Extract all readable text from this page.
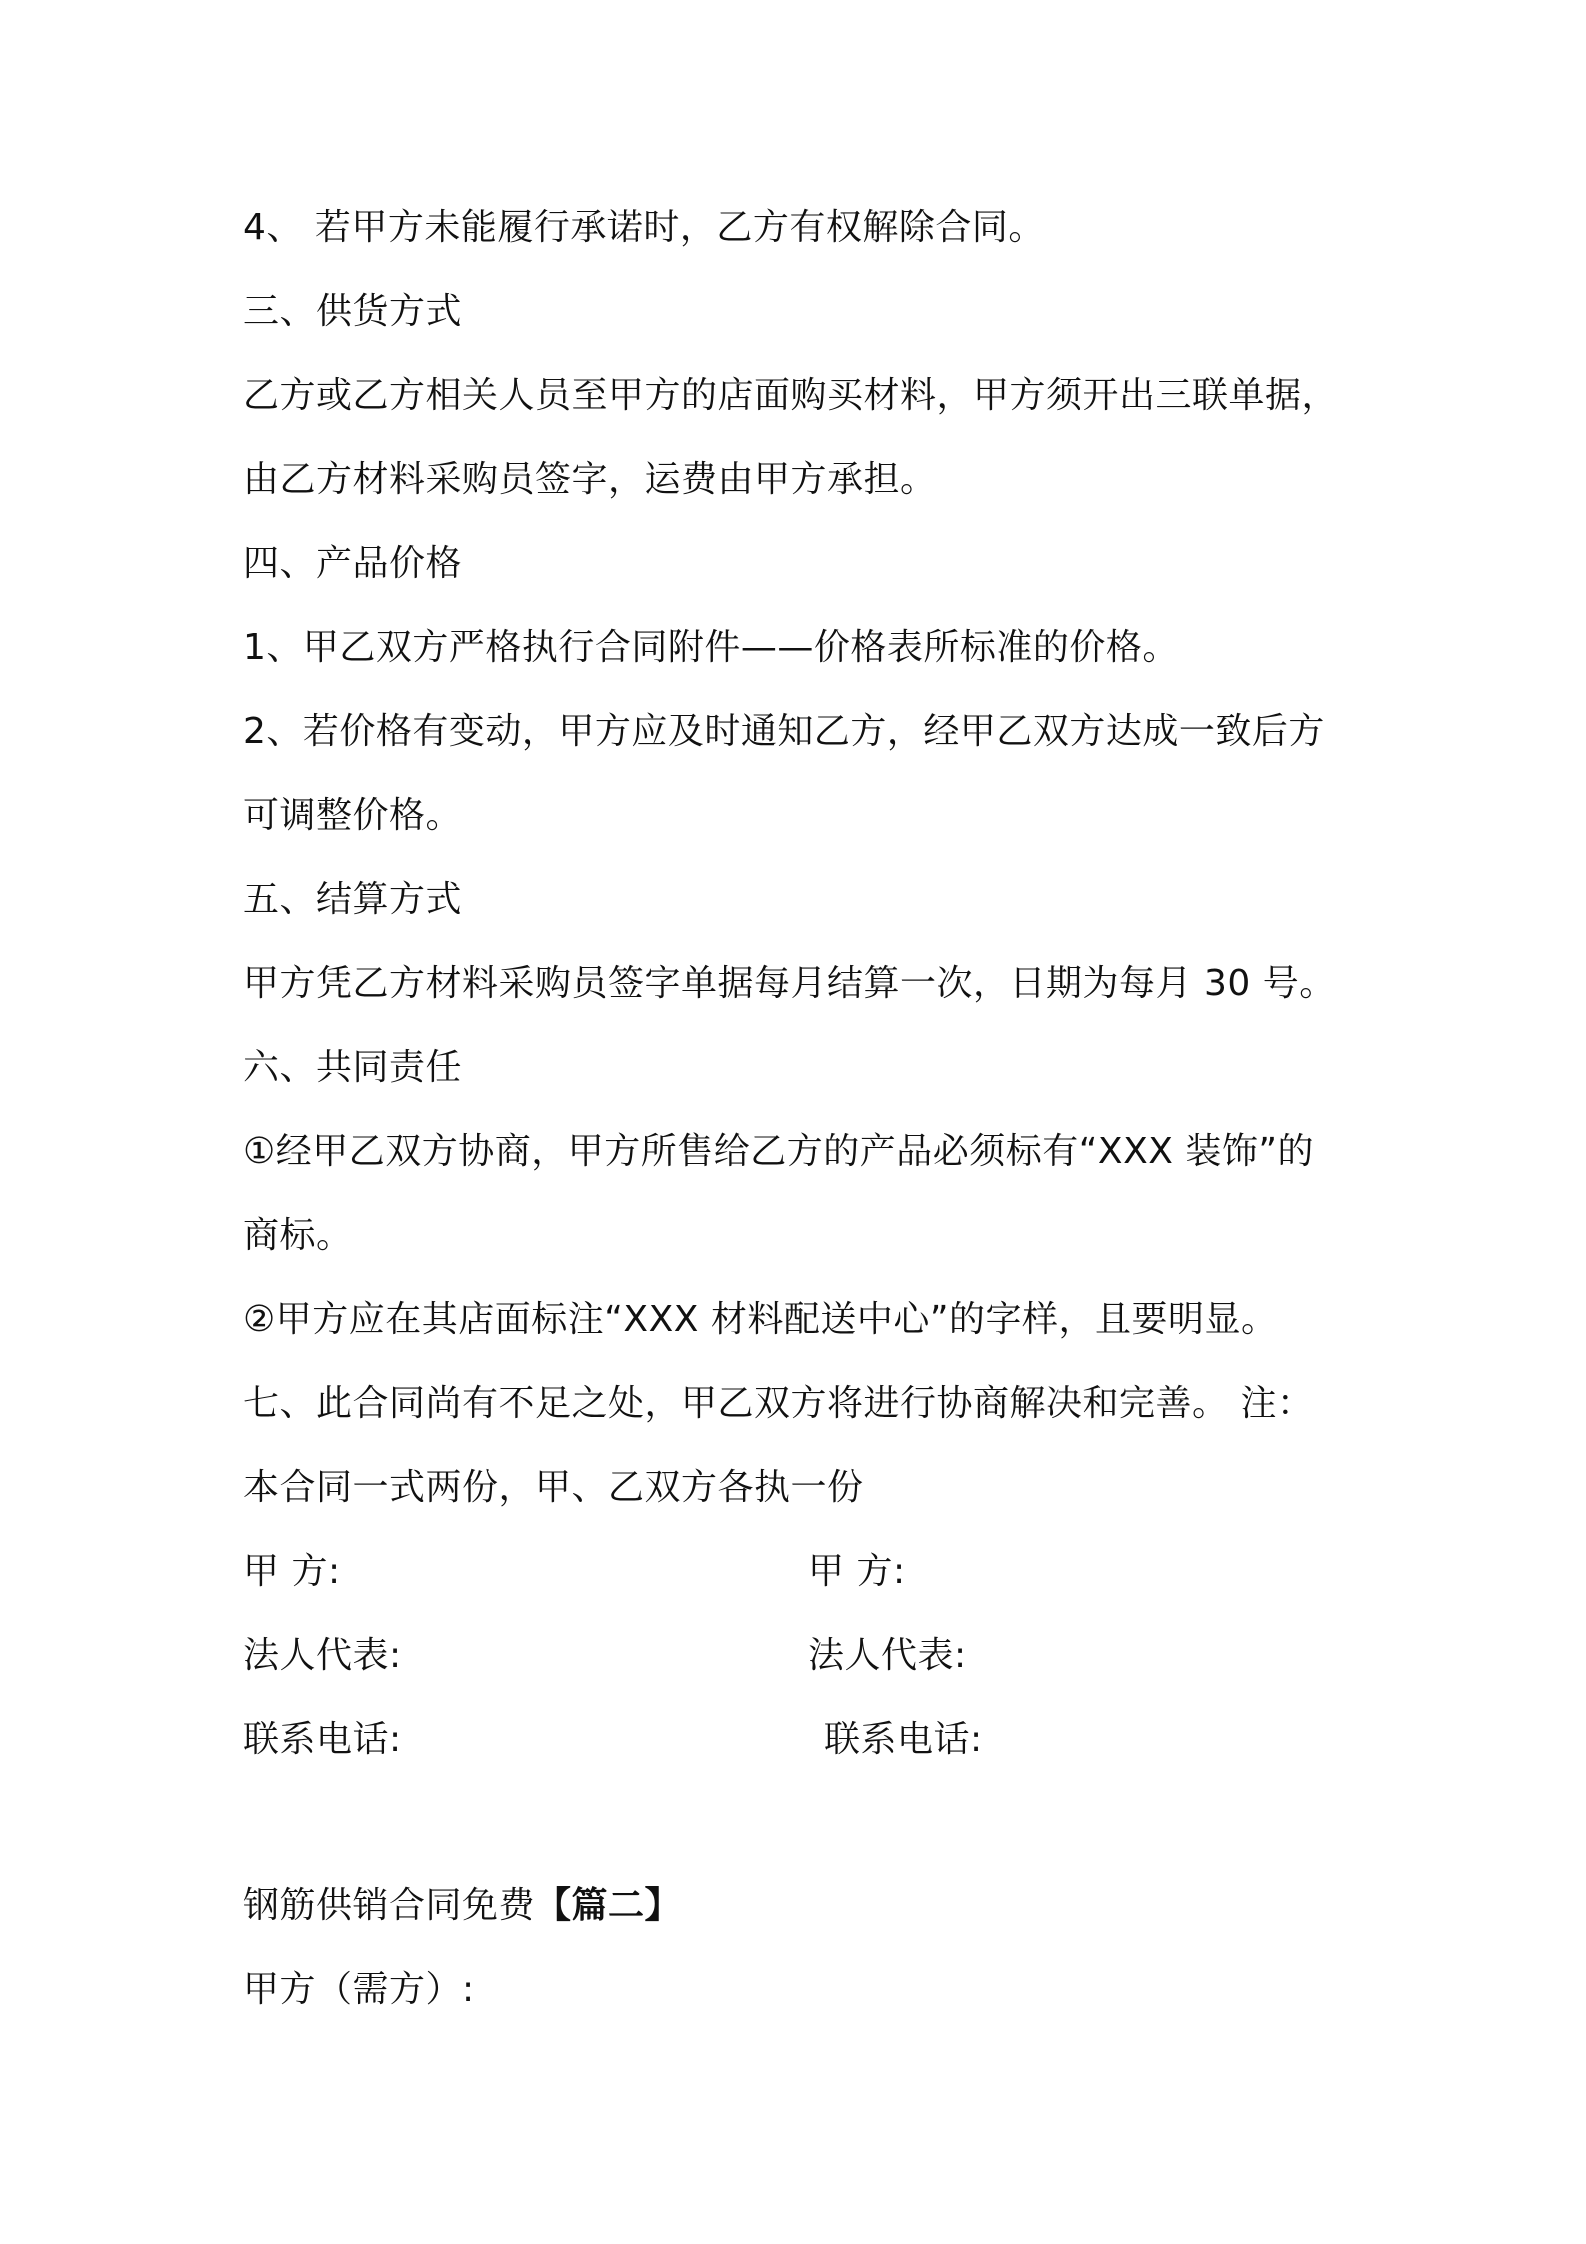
4、 若甲方未能履行承诺时，乙方有权解除合同。
三、供货方式
乙方或乙方相关人员至甲方的店面购买材料，甲方须开出三联单据，
由乙方材料采购员签字，运费由甲方承担。
四、产品价格
1、甲乙双方严格执行合同附件——价格表所标准的价格。
2、若价格有变动，甲方应及时通知乙方，经甲乙双方达成一致后方
可调整价格。
五、结算方式
甲方凭乙方材料采购员签字单据每月结算一次，日期为每月 30 号。
六、共同责任
①经甲乙双方协商，甲方所售给乙方的产品必须标有“XXX 装饰”的
商标。
②甲方应在其店面标注“XXX 材料配送中心”的字样，且要明显。
七、此合同尚有不足之处，甲乙双方将进行协商解决和完善。 注：
本合同一式两份，甲、乙双方各执一份
甲 方:	甲 方:
法人代表:	法人代表:
联系电话:	联系电话:
钢筋供销合同免费【篇二】
甲方（需方）:
